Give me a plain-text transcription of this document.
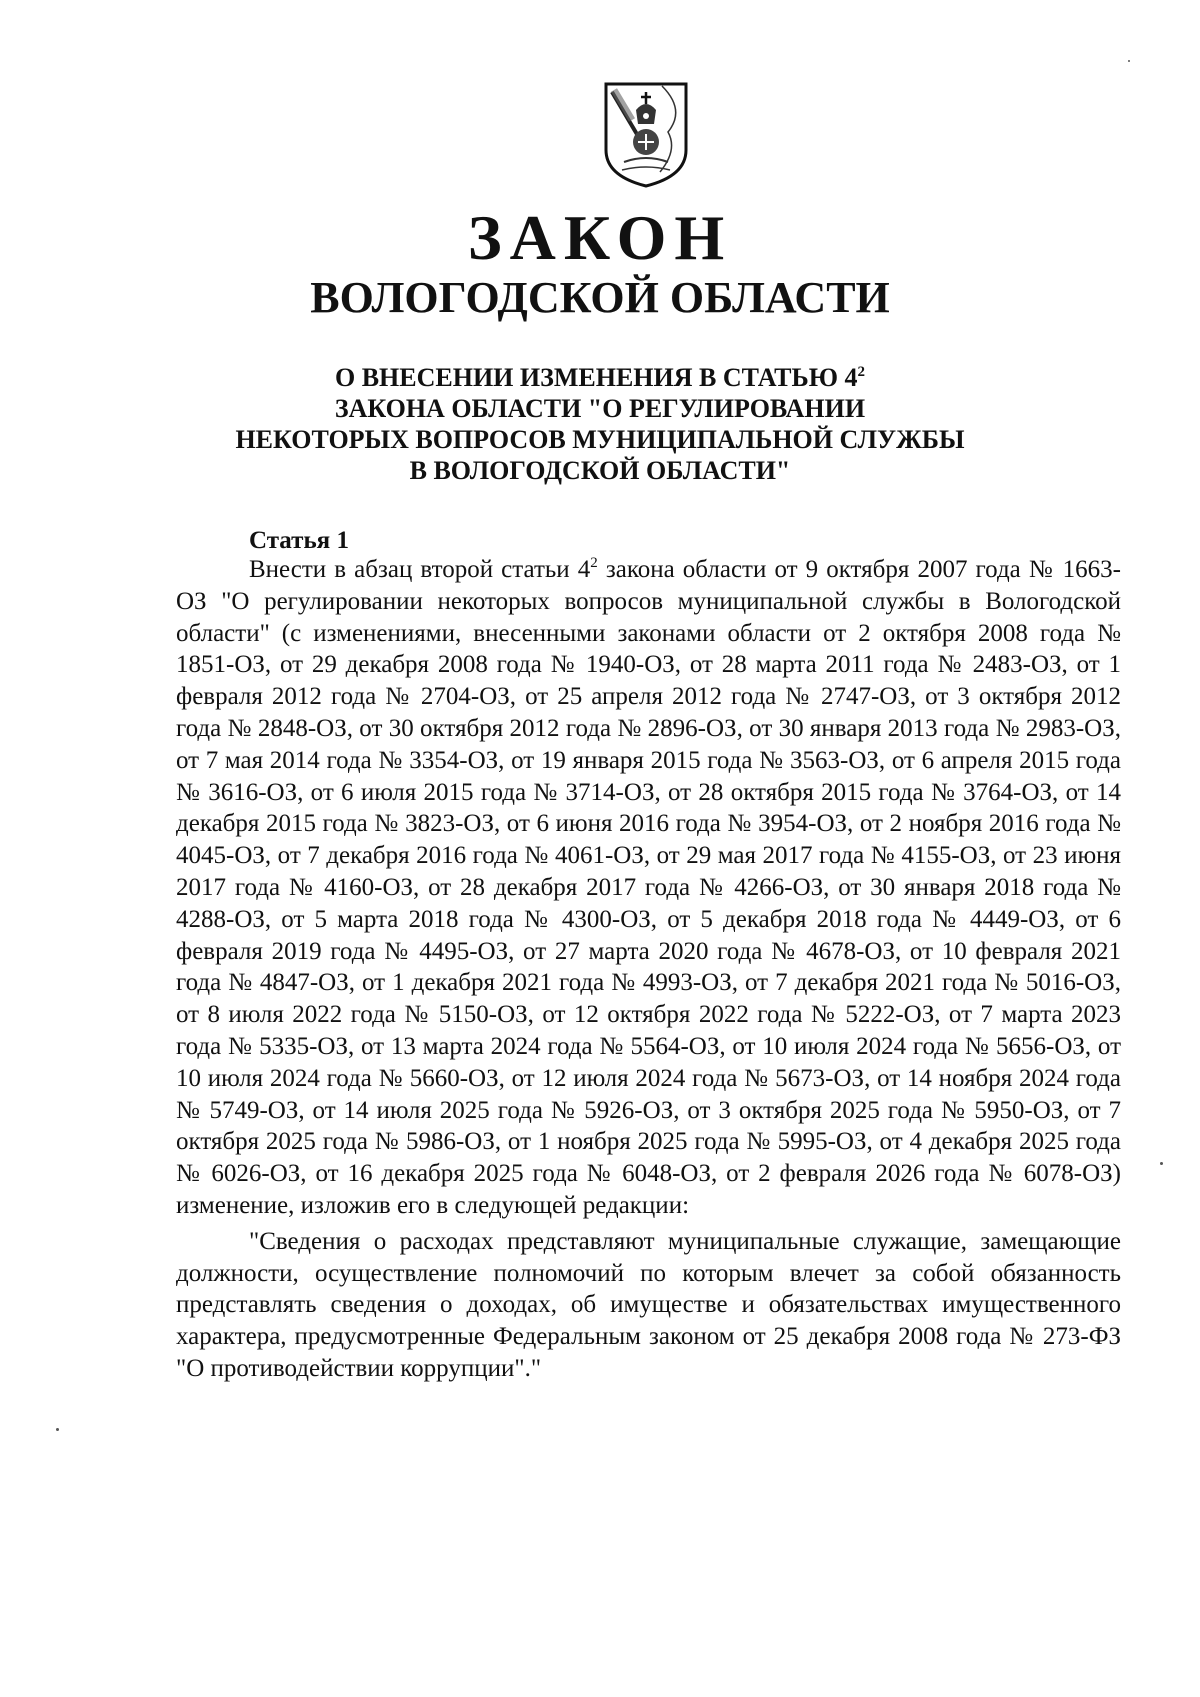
ЗАКОН
ВОЛОГОДСКОЙ ОБЛАСТИ
О ВНЕСЕНИИ ИЗМЕНЕНИЯ В СТАТЬЮ $4^2$
ЗАКОНА ОБЛАСТИ "О РЕГУЛИРОВАНИИ
НЕКОТОРЫХ ВОПРОСОВ МУНИЦИПАЛЬНОЙ СЛУЖБЫ
В ВОЛОГОДСКОЙ ОБЛАСТИ"
Статья 1

Внести в абзац второй статьи $4^2$ закона области от 9 октября 2007 года № 1663-ОЗ "О регулировании некоторых вопросов муниципальной службы в Вологодской области" (с изменениями, внесенными законами области от 2 октября 2008 года № 1851-ОЗ, от 29 декабря 2008 года № 1940-ОЗ, от 28 марта 2011 года № 2483-ОЗ, от 1 февраля 2012 года № 2704-ОЗ, от 25 апреля 2012 года № 2747-ОЗ, от 3 октября 2012 года № 2848-ОЗ, от 30 октября 2012 года № 2896-ОЗ, от 30 января 2013 года № 2983-ОЗ, от 7 мая 2014 года № 3354-ОЗ, от 19 января 2015 года № 3563-ОЗ, от 6 апреля 2015 года № 3616-ОЗ, от 6 июля 2015 года № 3714-ОЗ, от 28 октября 2015 года № 3764-ОЗ, от 14 декабря 2015 года № 3823-ОЗ, от 6 июня 2016 года № 3954-ОЗ, от 2 ноября 2016 года № 4045-ОЗ, от 7 декабря 2016 года № 4061-ОЗ, от 29 мая 2017 года № 4155-ОЗ, от 23 июня 2017 года № 4160-ОЗ, от 28 декабря 2017 года № 4266-ОЗ, от 30 января 2018 года № 4288-ОЗ, от 5 марта 2018 года № 4300-ОЗ, от 5 декабря 2018 года № 4449-ОЗ, от 6 февраля 2019 года № 4495-ОЗ, от 27 марта 2020 года № 4678-ОЗ, от 10 февраля 2021 года № 4847-ОЗ, от 1 декабря 2021 года № 4993-ОЗ, от 7 декабря 2021 года № 5016-ОЗ, от 8 июля 2022 года № 5150-ОЗ, от 12 октября 2022 года № 5222-ОЗ, от 7 марта 2023 года № 5335-ОЗ, от 13 марта 2024 года № 5564-ОЗ, от 10 июля 2024 года № 5656-ОЗ, от 10 июля 2024 года № 5660-ОЗ, от 12 июля 2024 года № 5673-ОЗ, от 14 ноября 2024 года № 5749-ОЗ, от 14 июля 2025 года № 5926-ОЗ, от 3 октября 2025 года № 5950-ОЗ, от 7 октября 2025 года № 5986-ОЗ, от 1 ноября 2025 года № 5995-ОЗ, от 4 декабря 2025 года № 6026-ОЗ, от 16 декабря 2025 года № 6048-ОЗ, от 2 февраля 2026 года № 6078-ОЗ) изменение, изложив его в следующей редакции:

"Сведения о расходах представляют муниципальные служащие, замещающие должности, осуществление полномочий по которым влечет за собой обязанность представлять сведения о доходах, об имуществе и обязательствах имущественного характера, предусмотренные Федеральным законом от 25 декабря 2008 года № 273-ФЗ "О противодействии коррупции"."
